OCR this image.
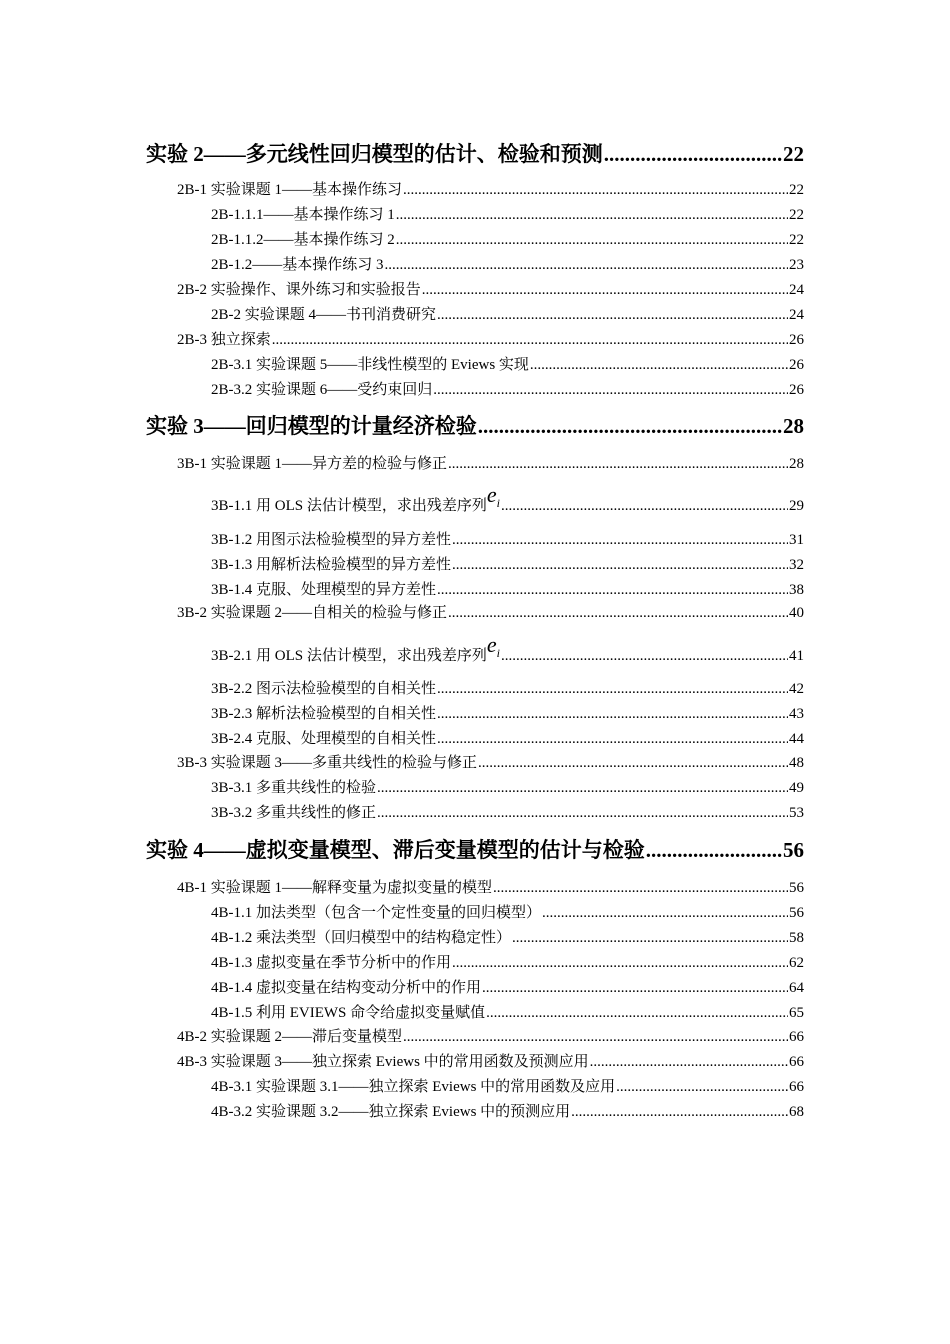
实验 2——多元线性回归模型的估计、检验和预测 .....	22
2B-1 实验课题 1——基本操作练习 .....	22
2B-1.1.1——基本操作练习 1 .....	22
2B-1.1.2——基本操作练习 2 .....	22
2B-1.2——基本操作练习 3 .....	23
2B-2 实验操作、课外练习和实验报告 .....	24
2B-2 实验课题 4——书刊消费研究 .....	24
2B-3 独立探索 .....	26
2B-3.1 实验课题 5——非线性模型的 Eviews 实现 .....	26
2B-3.2 实验课题 6——受约束回归 .....	26
实验 3——回归模型的计量经济检验 .....	28
3B-1 实验课题 1——异方差的检验与修正 .....	28
3B-1.1 用 OLS 法估计模型，求出残差序列 $e^i$ .....	29
3B-1.2 用图示法检验模型的异方差性 .....	31
3B-1.3 用解析法检验模型的异方差性 .....	32
3B-1.4 克服、处理模型的异方差性 .....	38
3B-2 实验课题 2——自相关的检验与修正 .....	40
3B-2.1 用 OLS 法估计模型，求出残差序列 $e^i$ .....	41
3B-2.2 图示法检验模型的自相关性 .....	42
3B-2.3 解析法检验模型的自相关性 .....	43
3B-2.4 克服、处理模型的自相关性 .....	44
3B-3 实验课题 3——多重共线性的检验与修正 .....	48
3B-3.1 多重共线性的检验 .....	49
3B-3.2 多重共线性的修正 .....	53
实验 4——虚拟变量模型、滞后变量模型的估计与检验 .....	56
4B-1 实验课题 1——解释变量为虚拟变量的模型 .....	56
4B-1.1 加法类型（包含一个定性变量的回归模型） .....	56
4B-1.2 乘法类型（回归模型中的结构稳定性） .....	58
4B-1.3 虚拟变量在季节分析中的作用 .....	62
4B-1.4 虚拟变量在结构变动分析中的作用 .....	64
4B-1.5 利用 EVIEWS 命令给虚拟变量赋值 .....	65
4B-2 实验课题 2——滞后变量模型 .....	66
4B-3 实验课题 3——独立探索 Eviews 中的常用函数及预测应用 .....	66
4B-3.1 实验课题 3.1——独立探索 Eviews 中的常用函数及应用 .....	66
4B-3.2 实验课题 3.2——独立探索 Eviews 中的预测应用 .....	68
